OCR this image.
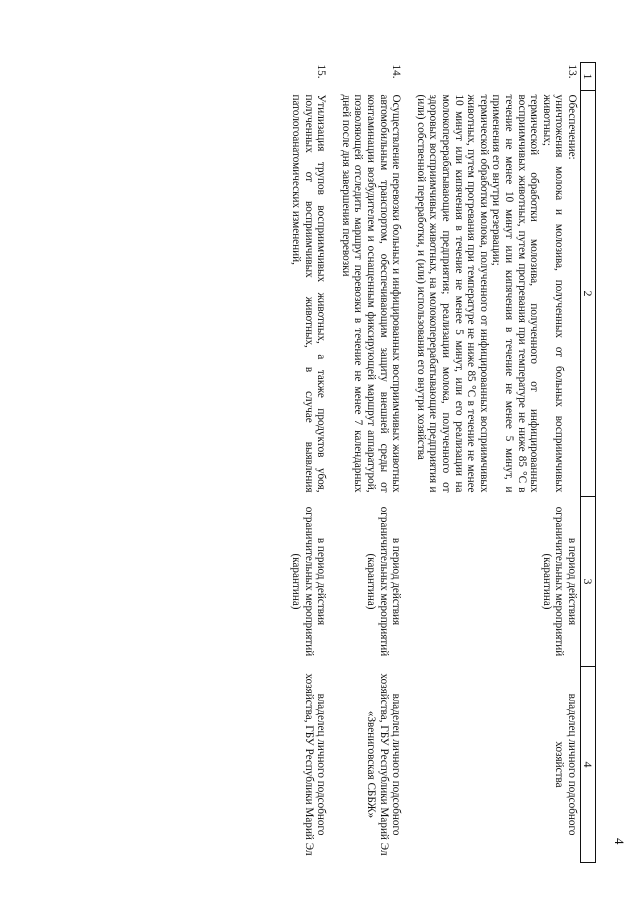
4
1	2	3	4
13.	Обеспечение:
уничтожения молока и молозива, полученных от больных восприимчивых животных;
термической обработки молозива, полученного от инфицированных восприимчивых животных, путем прогревания при температуре не ниже 85 °С в течение не менее 10 минут или кипячения в течение не менее 5 минут, и применения его внутри резервации;
термической обработки молока, полученного от инфицированных восприимчивых животных, путем прогревания при температуре не ниже 85 °С в течение не менее 10 минут или кипячения в течение не менее 5 минут, или его реализации на молокоперерабатывающие предприятия; реализации молока, полученного от здоровых восприимчивых животных, на молокоперерабатывающие предприятия и (или) собственной переработки, и (или) использования его внутри хозяйства	в период действия ограничительных мероприятий (карантина)	владелец личного подсобного хозяйства
14.	Осуществление перевозки больных и инфицированных восприимчивых животных автомобильным транспортом, обеспечивающим защиту внешней среды от контаминации возбудителем и оснащенным фиксирующей маршрут аппаратурой, позволяющей отследить маршрут перевозки в течение не менее 7 календарных дней после дня завершения перевозки	в период действия ограничительных мероприятий (карантина)	владелец личного подсобного хозяйства, ГБУ Республики Марий Эл «Звениговская СББЖ»
15.	Утилизация трупов восприимчивых животных, а также продуктов убоя, полученных от восприимчивых животных, в случае выявления патологоанатомических изменений,	в период действия ограничительных мероприятий (карантина)	владелец личного подсобного хозяйства, ГБУ Республики Марий Эл
